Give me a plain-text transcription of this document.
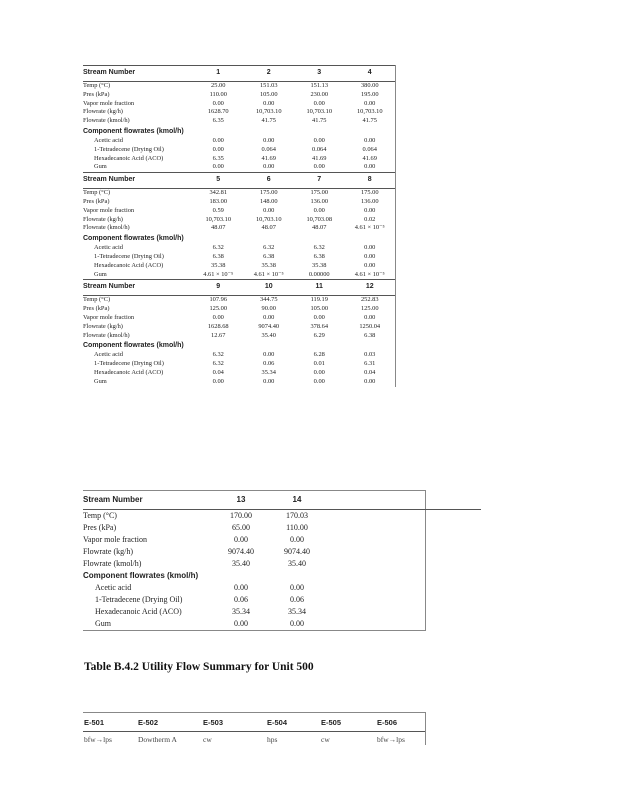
Stream Number	1	2	3	4
Temp (°C)	25.00	151.03	151.13	380.00
Pres (kPa)	110.00	105.00	230.00	195.00
Vapor mole fraction	0.00	0.00	0.00	0.00
Flowrate (kg/h)	1628.70	10,703.10	10,703.10	10,703.10
Flowrate (kmol/h)	6.35	41.75	41.75	41.75
Component flowrates (kmol/h)				
Acetic acid	0.00	0.00	0.00	0.00
1-Tetradecene (Drying Oil)	0.00	0.064	0.064	0.064
Hexadecanoic Acid (ACO)	6.35	41.69	41.69	41.69
Gum	0.00	0.00	0.00	0.00
Stream Number	5	6	7	8
Temp (°C)	342.81	175.00	175.00	175.00
Pres (kPa)	183.00	148.00	136.00	136.00
Vapor mole fraction	0.59	0.00	0.00	0.00
Flowrate (kg/h)	10,703.10	10,703.10	10,703.08	0.02
Flowrate (kmol/h)	48.07	48.07	48.07	4.61 × 10⁻⁵
Component flowrates (kmol/h)				
Acetic acid	6.32	6.32	6.32	0.00
1-Tetradecene (Drying Oil)	6.38	6.38	6.38	0.00
Hexadecanoic Acid (ACO)	35.38	35.38	35.38	0.00
Gum	4.61 × 10⁻⁵	4.61 × 10⁻⁵	0.00000	4.61 × 10⁻⁵
Stream Number	9	10	11	12
Temp (°C)	107.96	344.75	119.19	252.83
Pres (kPa)	125.00	90.00	105.00	125.00
Vapor mole fraction	0.00	0.00	0.00	0.00
Flowrate (kg/h)	1628.68	9074.40	378.64	1250.04
Flowrate (kmol/h)	12.67	35.40	6.29	6.38
Component flowrates (kmol/h)				
Acetic acid	6.32	0.00	6.28	0.03
1-Tetradecene (Drying Oil)	6.32	0.06	0.01	6.31
Hexadecanoic Acid (ACO)	0.04	35.34	0.00	0.04
Gum	0.00	0.00	0.00	0.00
Stream Number	13	14	
Temp (°C)	170.00	170.03	
Pres (kPa)	65.00	110.00	
Vapor mole fraction	0.00	0.00	
Flowrate (kg/h)	9074.40	9074.40	
Flowrate (kmol/h)	35.40	35.40	
Component flowrates (kmol/h)			
Acetic acid	0.00	0.00	
1-Tetradecene (Drying Oil)	0.06	0.06	
Hexadecanoic Acid (ACO)	35.34	35.34	
Gum	0.00	0.00	
Table B.4.2 Utility Flow Summary for Unit 500
E-501	E-502	E-503	E-504	E-505	E-506
bfw→lps	Dowtherm A	cw	hps	cw	bfw→lps
